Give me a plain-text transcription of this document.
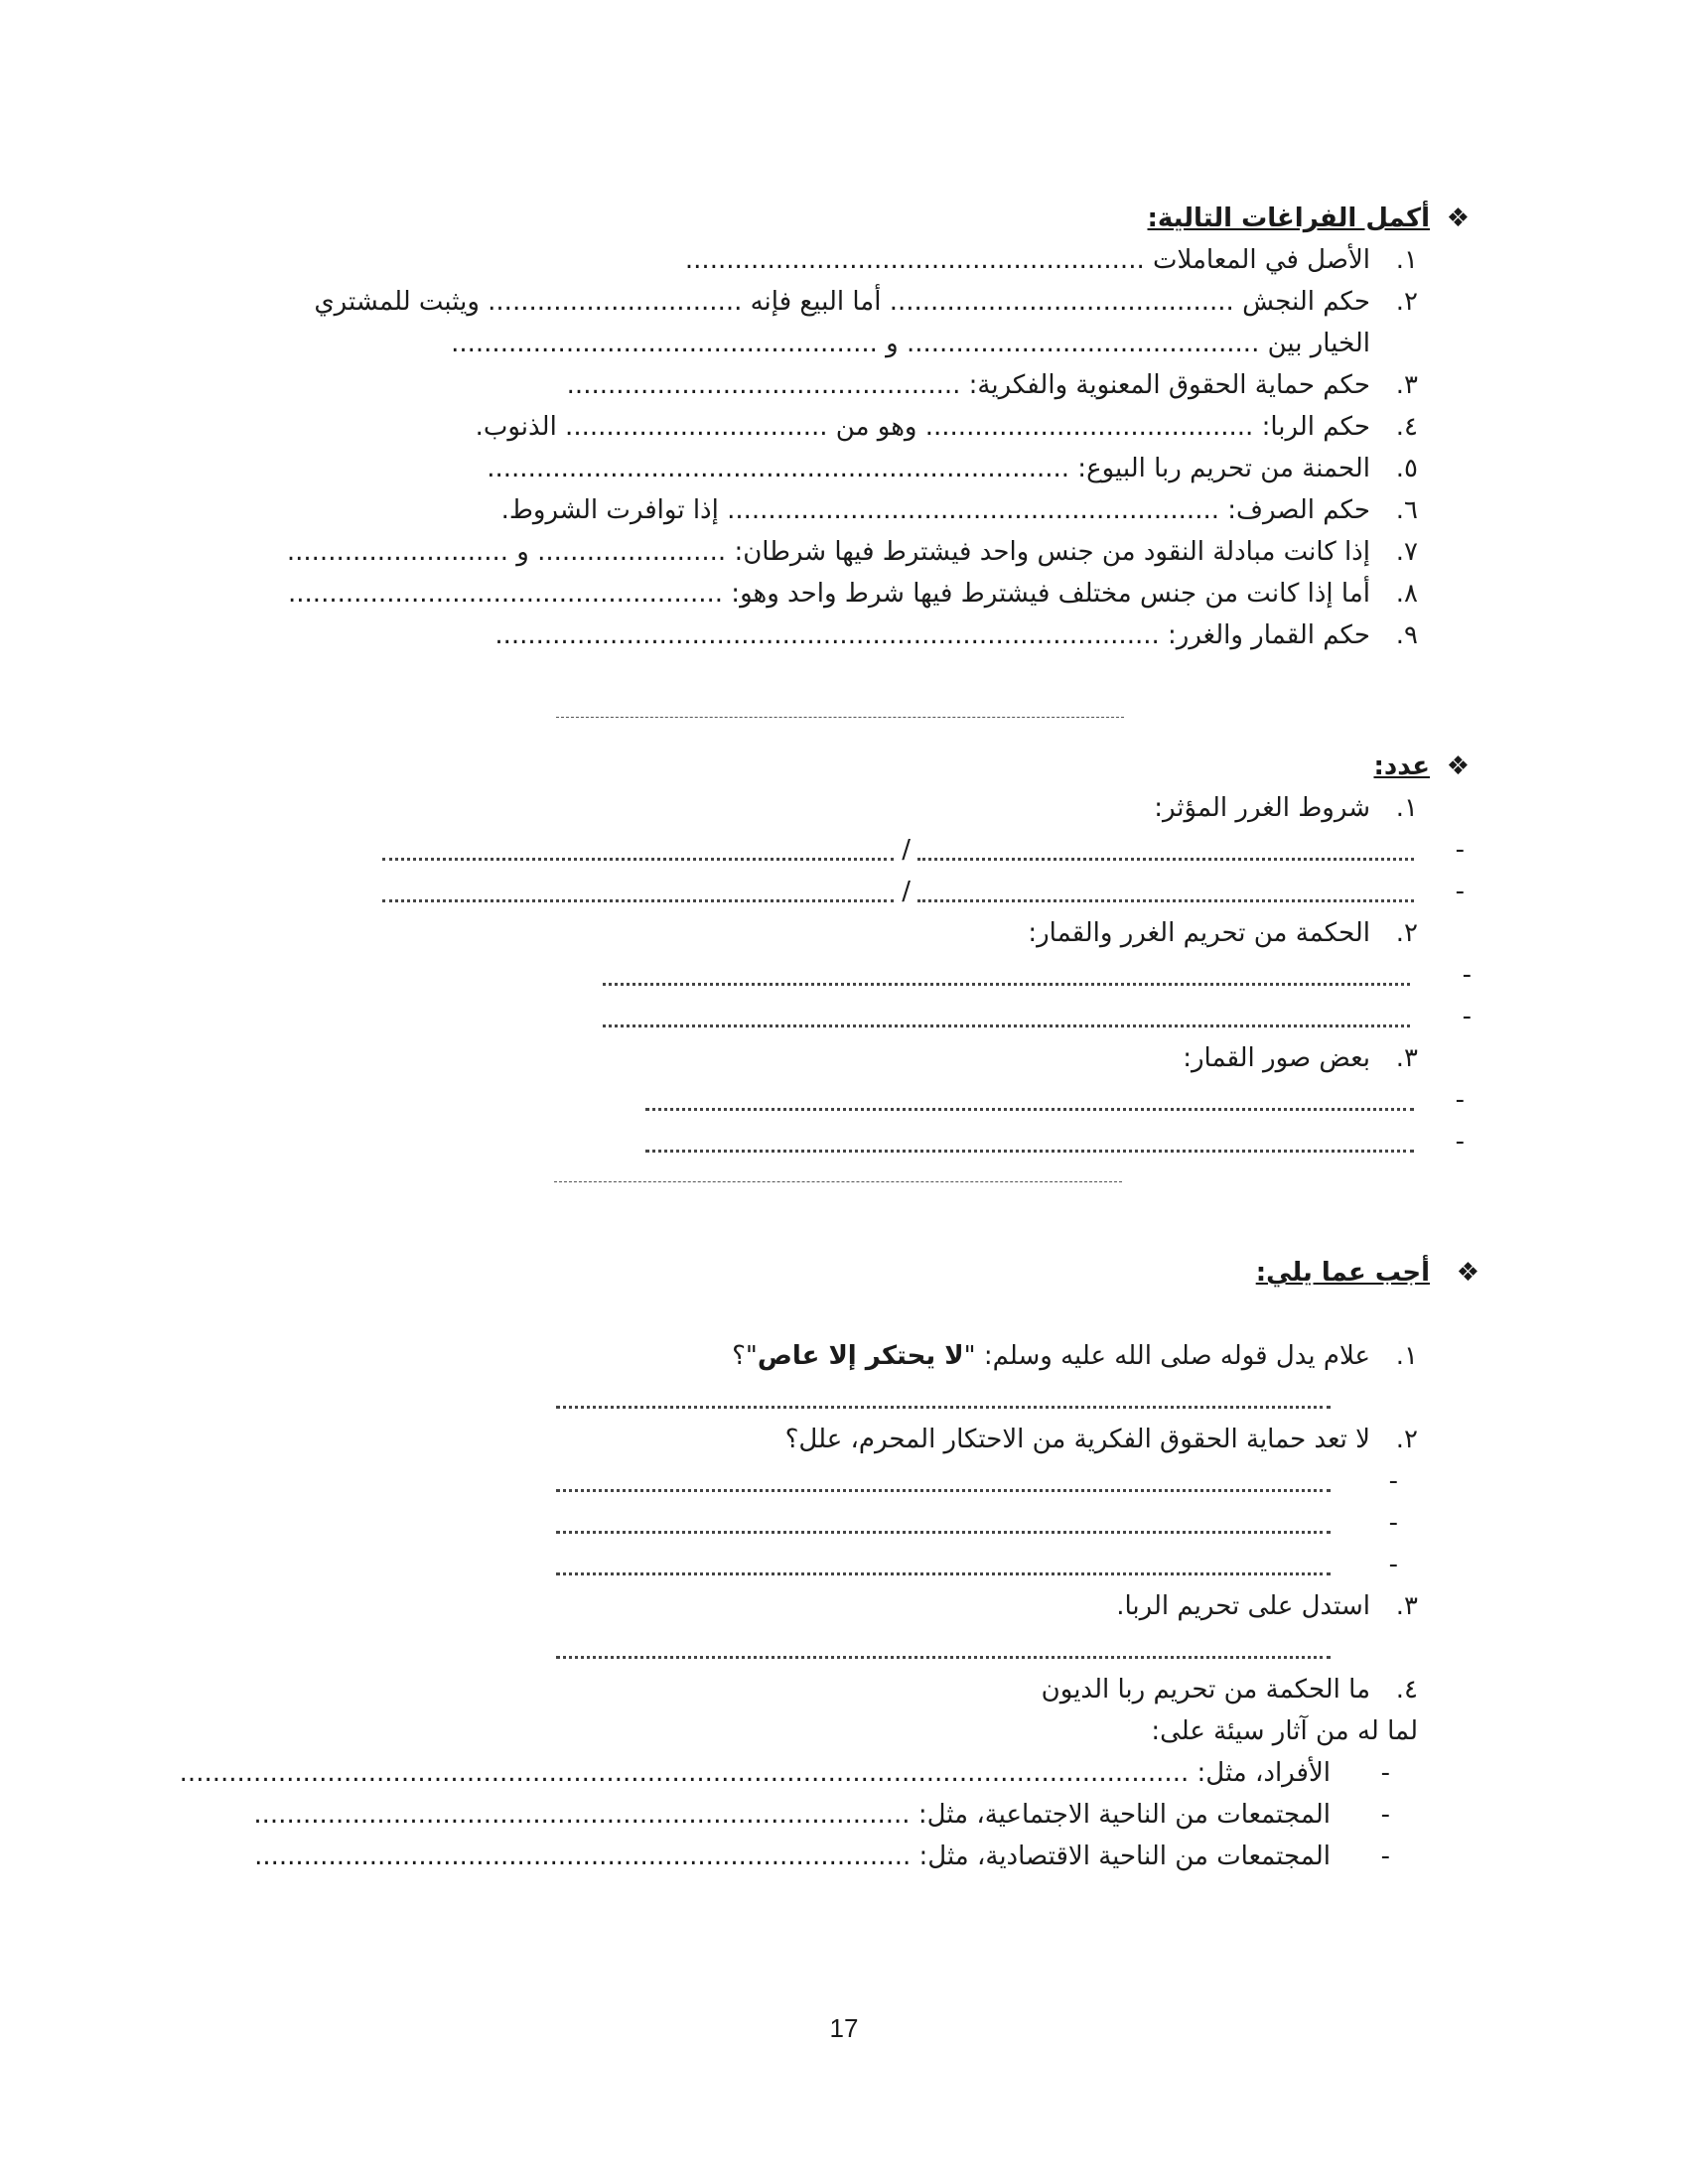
❖
أكمل الفراغات التالية:
١.
الأصل في المعاملات ........................................................
٢.
حكم النجش .......................................... أما البيع فإنه ............................... ويثبت للمشتري
الخيار بين ........................................... و ....................................................
٣.
حكم حماية الحقوق المعنوية والفكرية: ................................................
٤.
حكم الربا: ........................................ وهو من ................................ الذنوب.
٥.
الحمنة من تحريم ربا البيوع: .......................................................................
٦.
حكم الصرف: ............................................................ إذا توافرت الشروط.
٧.
إذا كانت مبادلة النقود من جنس واحد فيشترط فيها شرطان: ....................... و ...........................
٨.
أما إذا كانت من جنس مختلف فيشترط فيها شرط واحد وهو: .....................................................
٩.
حكم القمار والغرر: .................................................................................
❖
عدد:
١.
شروط الغرر المؤثر:
-
/
-
/
٢.
الحكمة من تحريم الغرر والقمار:
-
-
٣.
بعض صور القمار:
-
-
❖
أجب عما يلي:
١.
علام يدل قوله صلى الله عليه وسلم: "لا يحتكر إلا عاص"؟
٢.
لا تعد حماية الحقوق الفكرية من الاحتكار المحرم، علل؟
-
-
-
٣.
استدل على تحريم الربا.
٤.
ما الحكمة من تحريم ربا الديون
لما له من آثار سيئة على:
-
الأفراد، مثل: ...........................................................................................................................
-
المجتمعات من الناحية الاجتماعية، مثل: ................................................................................
-
المجتمعات من الناحية الاقتصادية، مثل: ................................................................................
17
